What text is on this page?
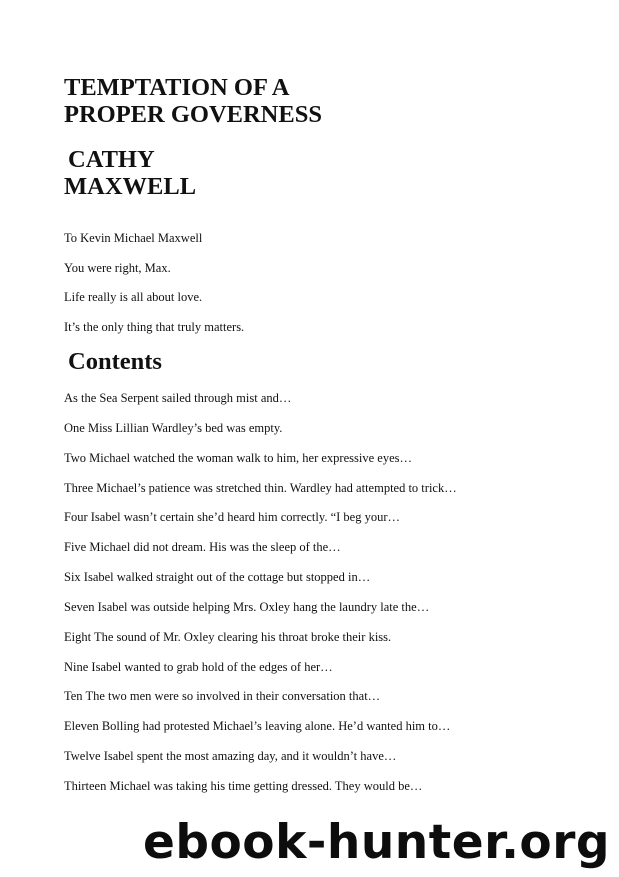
TEMPTATION OF A
PROPER GOVERNESS
CATHY
MAXWELL

To Kevin Michael Maxwell

You were right, Max.

Life really is all about love.

It’s the only thing that truly matters.

Contents

As the Sea Serpent sailed through mist and…

One Miss Lillian Wardley’s bed was empty.

Two Michael watched the woman walk to him, her expressive eyes…

Three Michael’s patience was stretched thin. Wardley had attempted to trick…

Four Isabel wasn’t certain she’d heard him correctly. “I beg your…

Five Michael did not dream. His was the sleep of the…

Six Isabel walked straight out of the cottage but stopped in…

Seven Isabel was outside helping Mrs. Oxley hang the laundry late the…

Eight The sound of Mr. Oxley clearing his throat broke their kiss.

Nine Isabel wanted to grab hold of the edges of her…

Ten The two men were so involved in their conversation that…

Eleven Bolling had protested Michael’s leaving alone. He’d wanted him to…

Twelve Isabel spent the most amazing day, and it wouldn’t have…

Thirteen Michael was taking his time getting dressed. They would be…

ebook-hunter.org
